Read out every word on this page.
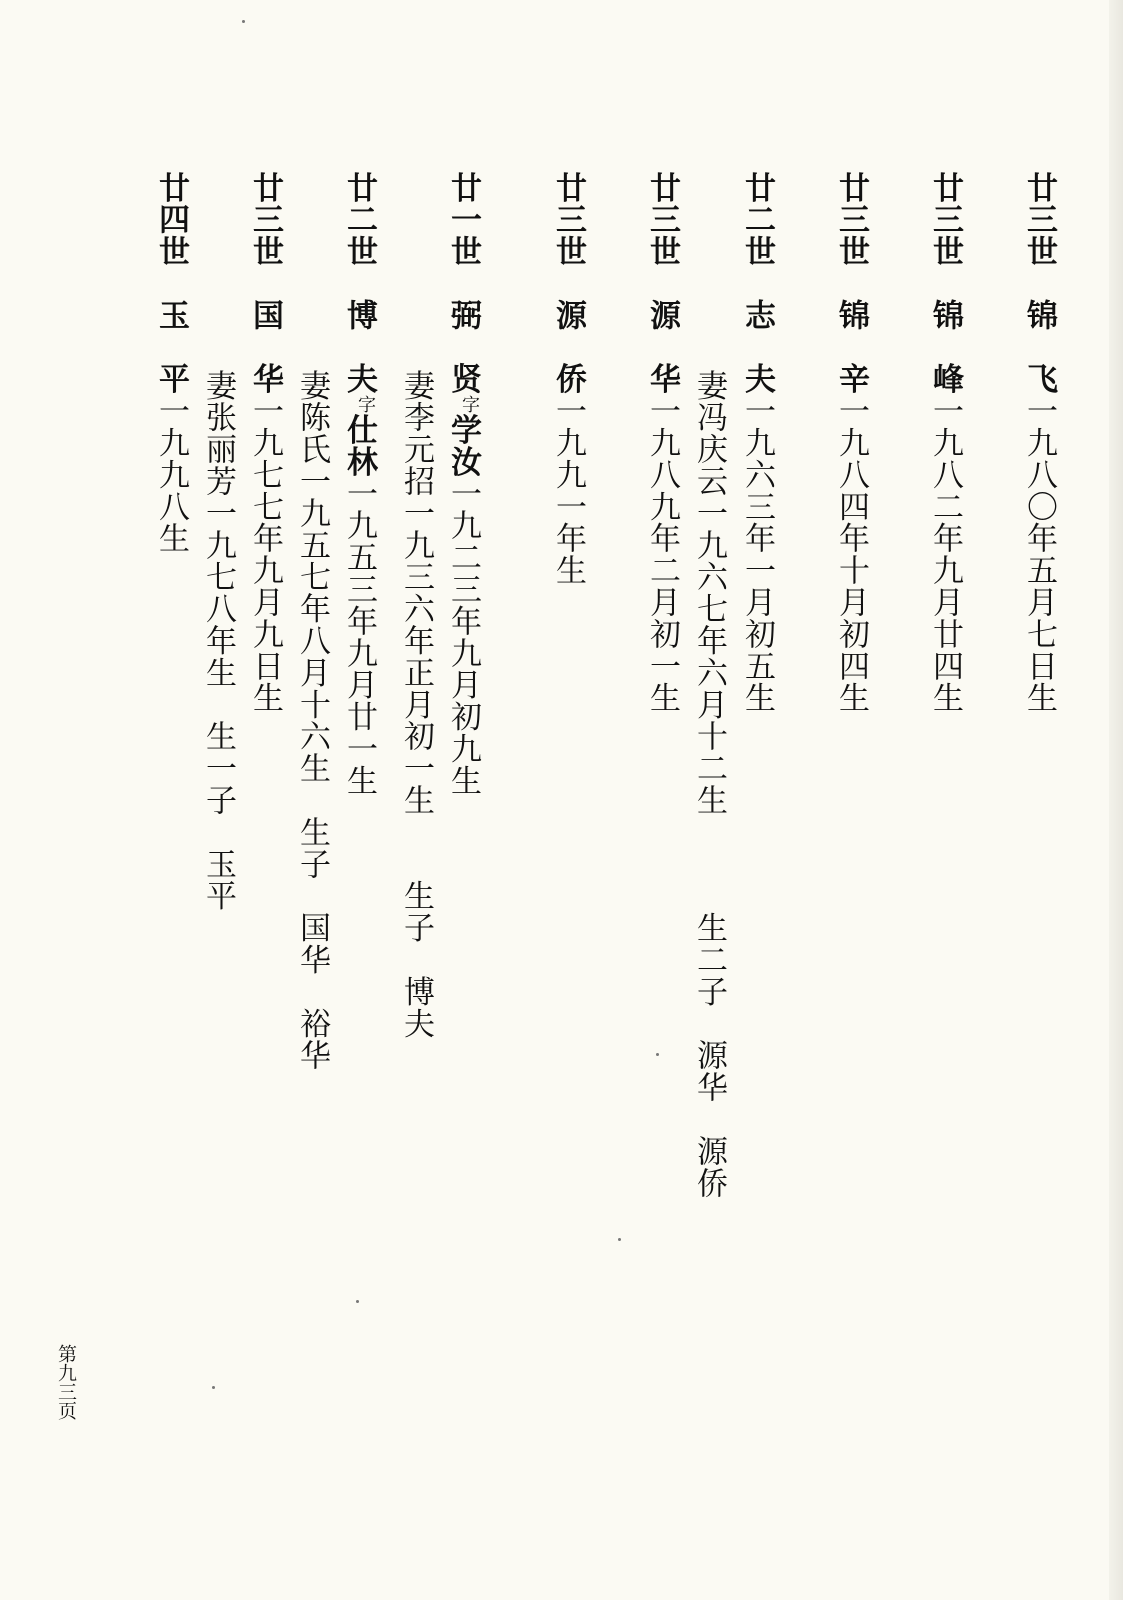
廿三世　锦　飞一九八〇年五月七日生

廿三世　锦　峰一九八二年九月廿四生

廿三世　锦　辛一九八四年十月初四生

廿二世　志　夫一九六三年一月初五生

妻冯庆云一九六七年六月十二生　　　生二子　源华　源侨

廿三世　源　华一九八九年二月初一生

廿三世　源　侨一九九一年生

廿一世　弼　贤$^字$学汝一九二三年九月初九生

妻李元招一九三六年正月初一生　　生子　博夫

廿二世　博　夫$^字$仕林一九五三年九月廿一生

妻陈氏一九五七年八月十六生　生子　国华　裕华

廿三世　国　华一九七七年九月九日生

妻张丽芳一九七八年生　生一子　玉平

廿四世　玉　平一九九八生

第九三页
